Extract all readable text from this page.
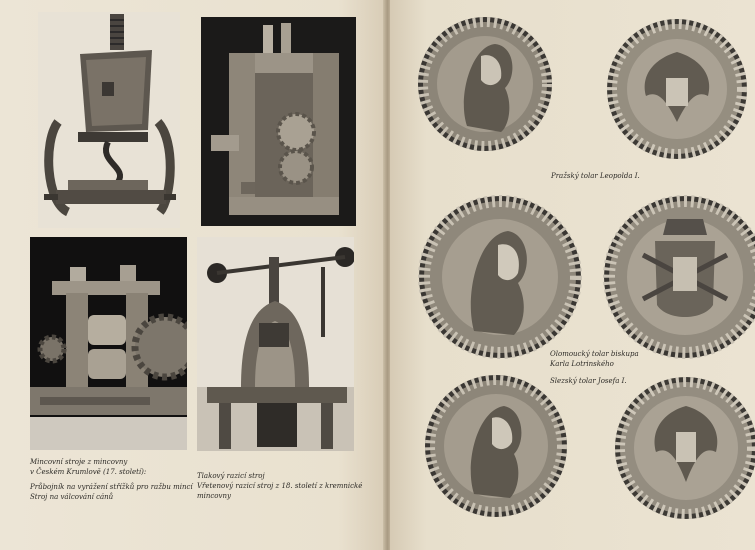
Mincovní stroje z mincovny
v Českém Krumlově (17. století):
Průbojník na vyrážení střížků pro ražbu mincí
Stroj na válcování cánů
Tlakový razicí stroj
Vřetenový razicí stroj z 18. století z kremnické
mincovny
Pražský tolar Leopolda I.
Olomoucký tolar biskupa
Karla Lotrinského
Slezský tolar Josefa I.
